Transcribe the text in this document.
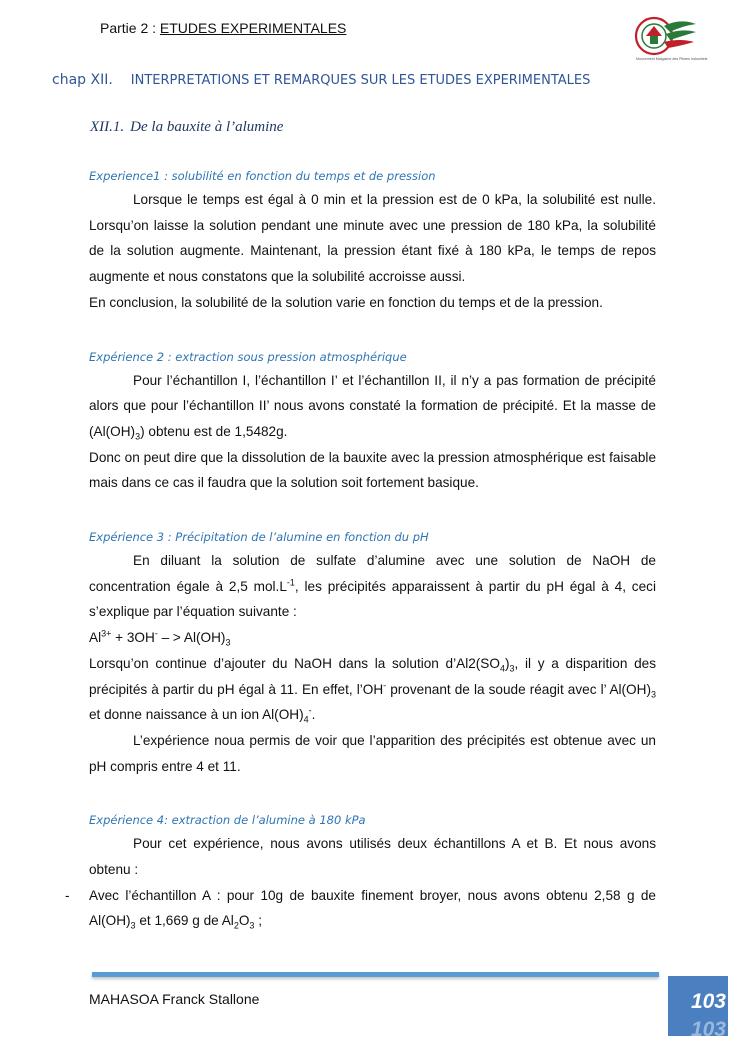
Partie 2 : ETUDES EXPERIMENTALES
Mouvement Malgache des Pilotes Industriels
chap XII. INTERPRETATIONS ET REMARQUES SUR LES ETUDES EXPERIMENTALES
XII.1. De la bauxite à l’alumine

Experience1 : solubilité en fonction du temps et de pression

Lorsque le temps est égal à 0 min et la pression est de 0 kPa, la solubilité est nulle. Lorsqu’on laisse la solution pendant une minute avec une pression de 180 kPa, la solubilité de la solution augmente. Maintenant, la pression étant fixé à 180 kPa, le temps de repos augmente et nous constatons que la solubilité accroisse aussi.

En conclusion, la solubilité de la solution varie en fonction du temps et de la pression.

Expérience 2 : extraction sous pression atmosphérique

Pour l’échantillon I, l’échantillon I’ et l’échantillon II, il n’y a pas formation de précipité alors que pour l’échantillon II’ nous avons constaté la formation de précipité. Et la masse de $(Al(OH)_3)$ obtenu est de 1,5482g.

Donc on peut dire que la dissolution de la bauxite avec la pression atmosphérique est faisable mais dans ce cas il faudra que la solution soit fortement basique.

Expérience 3 : Précipitation de l’alumine en fonction du pH

En diluant la solution de sulfate d’alumine avec une solution de NaOH de concentration égale à 2,5 $mol.L^{-1}$, les précipités apparaissent à partir du pH égal à 4, ceci s’explique par l’équation suivante :

$Al^{3+} + 3OH^-$ – > $Al(OH)_3$

Lorsqu’on continue d’ajouter du NaOH dans la solution $d’Al2(SO_4)_3$, il y a disparition des précipités à partir du pH égal à 11. En effet, l’OH- provenant de la soude réagit avec l’ $Al(OH)_3$ et donne naissance à un ion $Al(OH)_4^-$.

L’expérience noua permis de voir que l’apparition des précipités est obtenue avec un pH compris entre 4 et 11.

Expérience 4: extraction de l’alumine à 180 kPa

Pour cet expérience, nous avons utilisés deux échantillons A et B. Et nous avons obtenu :

- Avec l’échantillon A : pour 10g de bauxite finement broyer, nous avons obtenu 2,58 g de $Al(OH)_3$ et 1,669 g de $Al_2O_3$ ;

MAHASOA Franck Stallone	103
103
